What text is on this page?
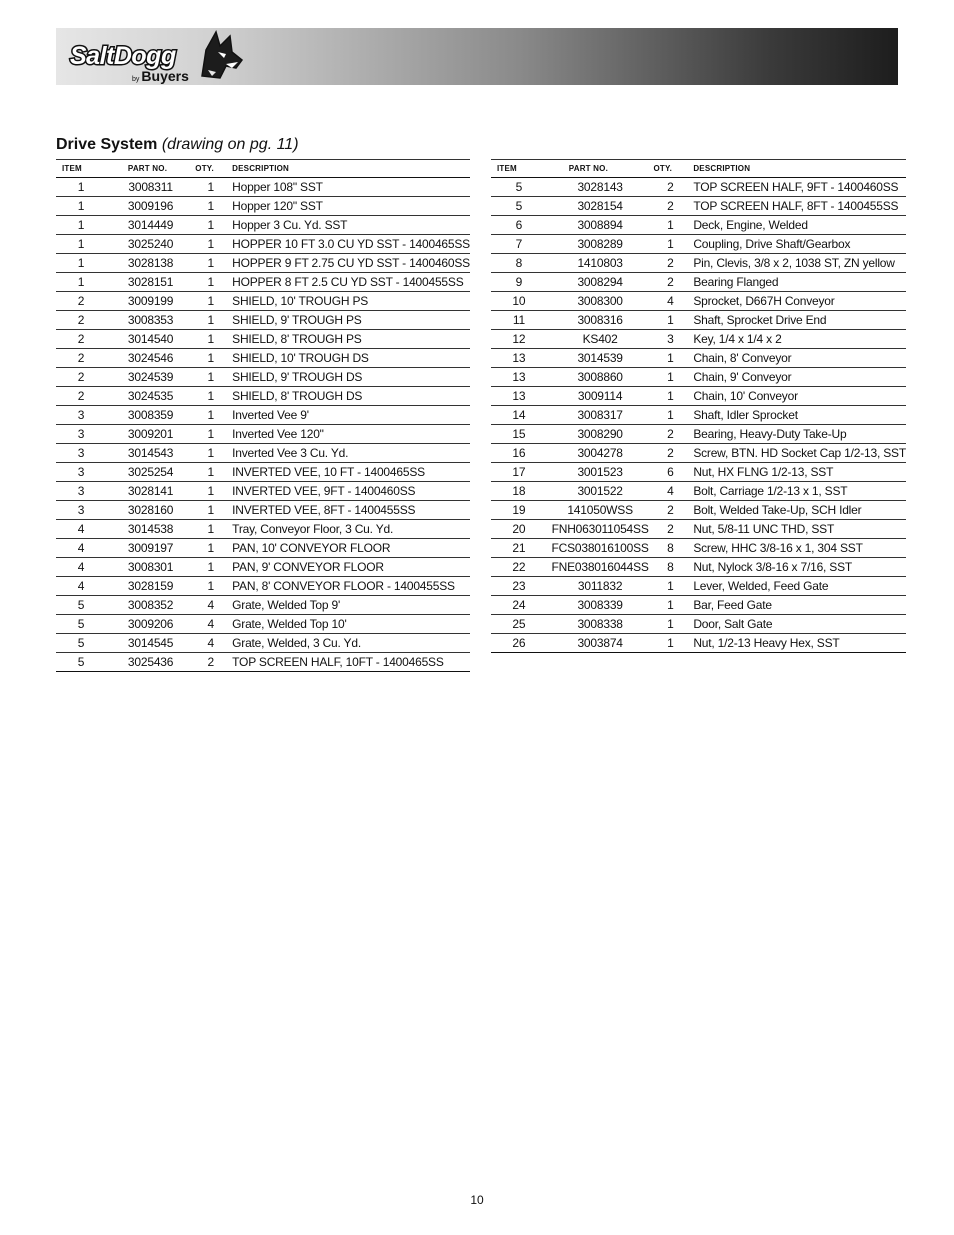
SaltDogg
by Buyers
Drive System (drawing on pg. 11)
ITEM	PART NO.	OTY.	DESCRIPTION
1	3008311	1	Hopper 108" SST
1	3009196	1	Hopper 120" SST
1	3014449	1	Hopper 3 Cu. Yd. SST
1	3025240	1	HOPPER 10 FT 3.0 CU YD SST - 1400465SS
1	3028138	1	HOPPER 9 FT 2.75 CU YD SST - 1400460SS
1	3028151	1	HOPPER 8 FT 2.5 CU YD SST - 1400455SS
2	3009199	1	SHIELD, 10' TROUGH PS
2	3008353	1	SHIELD, 9' TROUGH PS
2	3014540	1	SHIELD, 8' TROUGH PS
2	3024546	1	SHIELD, 10' TROUGH DS
2	3024539	1	SHIELD, 9' TROUGH DS
2	3024535	1	SHIELD, 8' TROUGH DS
3	3008359	1	Inverted Vee 9'
3	3009201	1	Inverted Vee 120"
3	3014543	1	Inverted Vee 3 Cu. Yd.
3	3025254	1	INVERTED VEE, 10 FT - 1400465SS
3	3028141	1	INVERTED VEE, 9FT - 1400460SS
3	3028160	1	INVERTED VEE, 8FT - 1400455SS
4	3014538	1	Tray, Conveyor Floor, 3 Cu. Yd.
4	3009197	1	PAN, 10' CONVEYOR FLOOR
4	3008301	1	PAN, 9' CONVEYOR FLOOR
4	3028159	1	PAN, 8' CONVEYOR FLOOR - 1400455SS
5	3008352	4	Grate, Welded Top 9'
5	3009206	4	Grate, Welded Top 10'
5	3014545	4	Grate, Welded, 3 Cu. Yd.
5	3025436	2	TOP SCREEN HALF, 10FT - 1400465SS
ITEM	PART NO.	OTY.	DESCRIPTION
5	3028143	2	TOP SCREEN HALF, 9FT - 1400460SS
5	3028154	2	TOP SCREEN HALF, 8FT - 1400455SS
6	3008894	1	Deck, Engine, Welded
7	3008289	1	Coupling, Drive Shaft/Gearbox
8	1410803	2	Pin, Clevis, 3/8 x 2, 1038 ST, ZN yellow
9	3008294	2	Bearing Flanged
10	3008300	4	Sprocket, D667H Conveyor
11	3008316	1	Shaft, Sprocket Drive End
12	KS402	3	Key, 1/4 x 1/4 x 2
13	3014539	1	Chain, 8' Conveyor
13	3008860	1	Chain, 9' Conveyor
13	3009114	1	Chain, 10' Conveyor
14	3008317	1	Shaft, Idler Sprocket
15	3008290	2	Bearing, Heavy-Duty Take-Up
16	3004278	2	Screw, BTN. HD Socket Cap 1/2-13, SST
17	3001523	6	Nut, HX FLNG 1/2-13, SST
18	3001522	4	Bolt, Carriage 1/2-13 x 1, SST
19	141050WSS	2	Bolt, Welded Take-Up, SCH Idler
20	FNH063011054SS	2	Nut, 5/8-11 UNC THD, SST
21	FCS038016100SS	8	Screw, HHC 3/8-16 x 1, 304 SST
22	FNE038016044SS	8	Nut, Nylock 3/8-16 x 7/16, SST
23	3011832	1	Lever, Welded, Feed Gate
24	3008339	1	Bar, Feed Gate
25	3008338	1	Door, Salt Gate
26	3003874	1	Nut, 1/2-13 Heavy Hex, SST
10
